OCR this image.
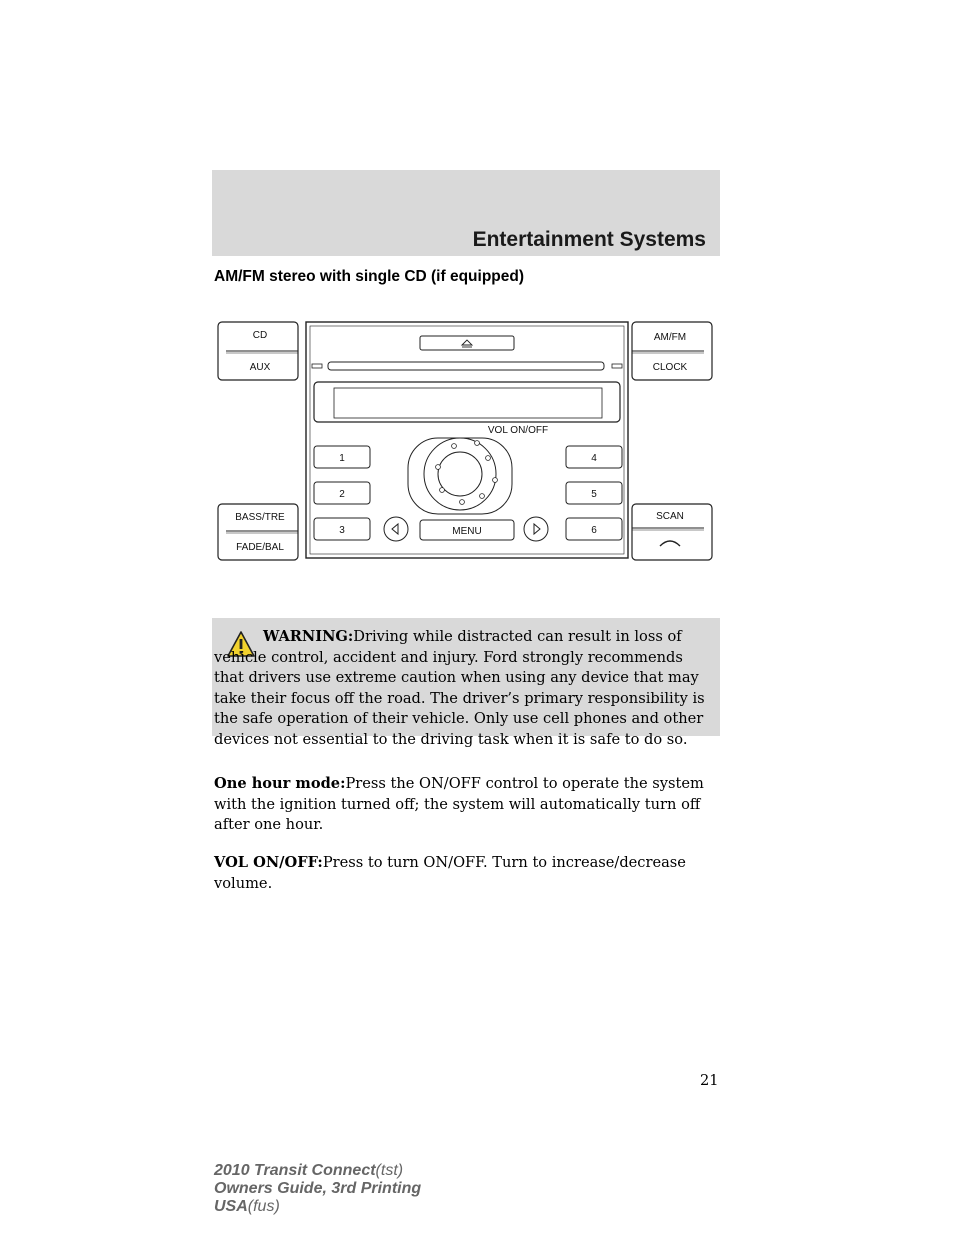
Entertainment Systems
AM/FM stereo with single CD (if equipped)
CD
AUX
BASS/TRE
FADE/BAL
AM/FM
CLOCK
SCAN
VOL ON/OFF
1
2
3
4
5
6
MENU

WARNING:Driving while distracted can result in loss of vehicle control, accident and injury. Ford strongly recommends that drivers use extreme caution when using any device that may take their focus off the road. The driver’s primary responsibility is the safe operation of their vehicle. Only use cell phones and other devices not essential to the driving task when it is safe to do so.

One hour mode:Press the ON/OFF control to operate the system with the ignition turned off; the system will automatically turn off after one hour.

VOL ON/OFF:Press to turn ON/OFF. Turn to increase/decrease volume.

21
2010 Transit Connect(tst)
Owners Guide, 3rd Printing
USA(fus)
